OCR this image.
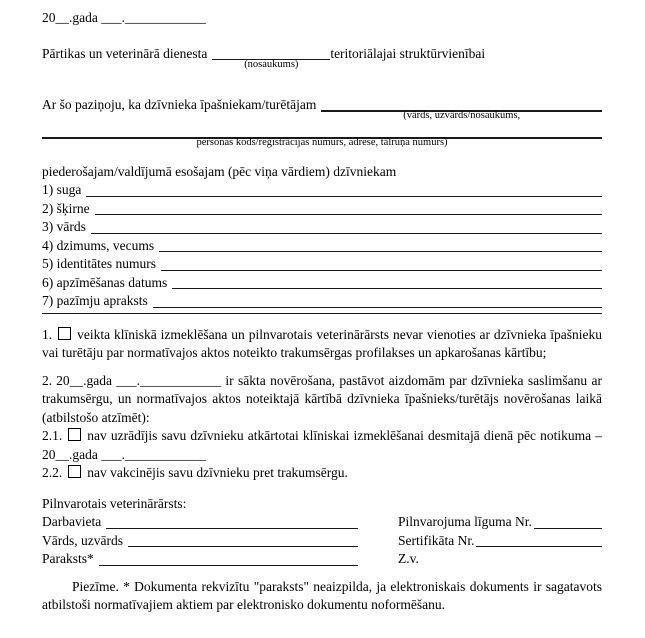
20__.gada ___.____________
Pārtikas un veterinārā dienesta
(nosaukums)
teritoriālajai struktūrvienībai
Ar šo paziņoju, ka dzīvnieka īpašniekam/turētājam
(vārds, uzvārds/nosaukums,
personas kods/reģistrācijas numurs, adrese, tālruņa numurs)
piederošajam/valdījumā esošajam (pēc viņa vārdiem) dzīvniekam
1) suga
2) šķirne
3) vārds
4) dzimums, vecums
5) identitātes numurs
6) apzīmēšanas datums
7) pazīmju apraksts

1. veikta klīniskā izmeklēšana un pilnvarotais veterinārārsts nevar vienoties ar dzīvnieka īpašnieku vai turētāju par normatīvajos aktos noteikto trakumsērgas profilakses un apkarošanas kārtību;

2. 20__.gada ___.____________ ir sākta novērošana, pastāvot aizdomām par dzīvnieka saslimšanu ar trakumsērgu, un normatīvajos aktos noteiktajā kārtībā dzīvnieka īpašnieks/turētājs novērošanas laikā (atbilstošo atzīmēt):

2.1. nav uzrādījis savu dzīvnieku atkārtotai klīniskai izmeklēšanai desmitajā dienā pēc notikuma – 20__.gada ___.____________

2.2. nav vakcinējis savu dzīvnieku pret trakumsērgu.

Pilnvarotais veterinārārsts:
Darbavieta	Pilnvarojuma līguma Nr.
Vārds, uzvārds	Sertifikāta Nr.
Paraksts*	Z.v.

Piezīme. * Dokumenta rekvizītu "paraksts" neaizpilda, ja elektroniskais dokuments ir sagatavots atbilstoši normatīvajiem aktiem par elektronisko dokumentu noformēšanu.
